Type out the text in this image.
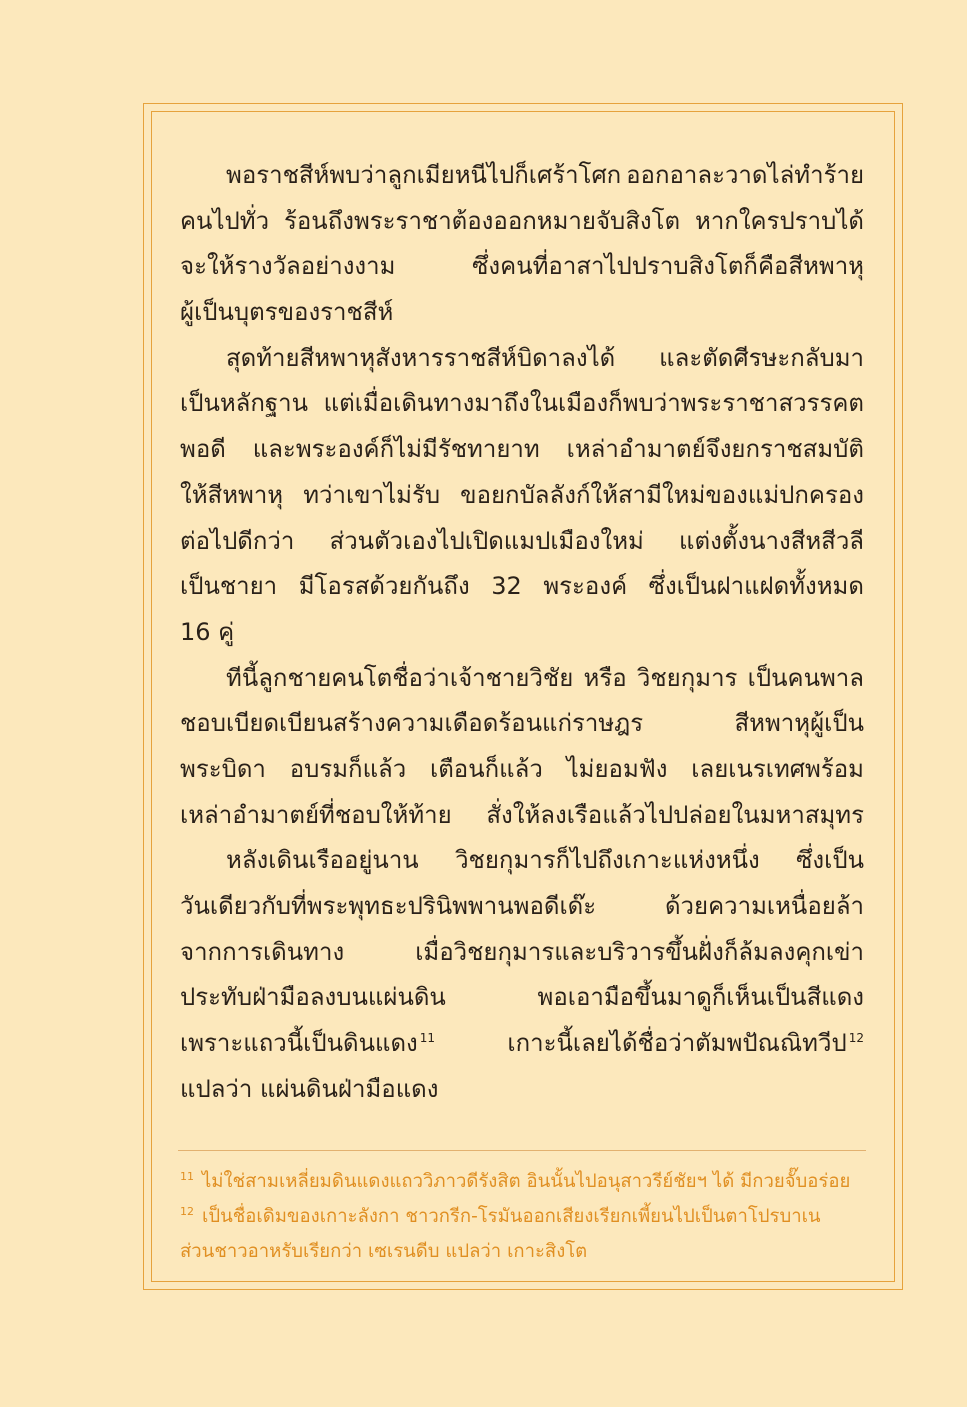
พอราชสีห์พบว่าลูกเมียหนีไปก็เศร้าโศก ออกอาละวาดไล่ทำร้าย
คนไปทั่ว ร้อนถึงพระราชาต้องออกหมายจับสิงโต หากใครปราบได้
จะให้รางวัลอย่างงาม	ซึ่งคนที่อาสาไปปราบสิงโตก็คือสีหพาหุ
ผู้เป็นบุตรของราชสีห์
สุดท้ายสีหพาหุสังหารราชสีห์บิดาลงได้ และตัดศีรษะกลับมา
เป็นหลักฐาน แต่เมื่อเดินทางมาถึงในเมืองก็พบว่าพระราชาสวรรคต
พอดี และพระองค์ก็ไม่มีรัชทายาท เหล่าอำมาตย์จึงยกราชสมบัติ
ให้สีหพาหุ ทว่าเขาไม่รับ ขอยกบัลลังก์ให้สามีใหม่ของแม่ปกครอง
ต่อไปดีกว่า ส่วนตัวเองไปเปิดแมปเมืองใหม่ แต่งตั้งนางสีหสีวลี
เป็นชายา มีโอรสด้วยกันถึง 32 พระองค์ ซึ่งเป็นฝาแฝดทั้งหมด
16 คู่
ทีนี้ลูกชายคนโตชื่อว่าเจ้าชายวิชัย หรือ วิชยกุมาร เป็นคนพาล
ชอบเบียดเบียนสร้างความเดือดร้อนแก่ราษฎร	สีหพาหุผู้เป็น
พระบิดา อบรมก็แล้ว เตือนก็แล้ว ไม่ยอมฟัง เลยเนรเทศพร้อม
เหล่าอำมาตย์ที่ชอบให้ท้าย สั่งให้ลงเรือแล้วไปปล่อยในมหาสมุทร
หลังเดินเรืออยู่นาน วิชยกุมารก็ไปถึงเกาะแห่งหนึ่ง ซึ่งเป็น
วันเดียวกับที่พระพุทธะปรินิพพานพอดีเด๊ะ	ด้วยความเหนื่อยล้า
จากการเดินทาง	เมื่อวิชยกุมารและบริวารขึ้นฝั่งก็ล้มลงคุกเข่า
ประทับฝ่ามือลงบนแผ่นดิน	พอเอามือขึ้นมาดูก็เห็นเป็นสีแดง
เพราะแถวนี้เป็นดินแดง $^{11}$	เกาะนี้เลยได้ชื่อว่าตัมพปัณณิทวีป $^{12}$
แปลว่า แผ่นดินฝ่ามือแดง
$^{11}$ ไม่ใช่สามเหลี่ยมดินแดงแถววิภาวดีรังสิต อินนั้นไปอนุสาวรีย์ชัยฯ ได้ มีกวยจั๊บอร่อย
$^{12}$ เป็นชื่อเดิมของเกาะลังกา ชาวกรีก-โรมันออกเสียงเรียกเพี้ยนไปเป็นตาโปรบาเน
ส่วนชาวอาหรับเรียกว่า เซเรนดีบ แปลว่า เกาะสิงโต
